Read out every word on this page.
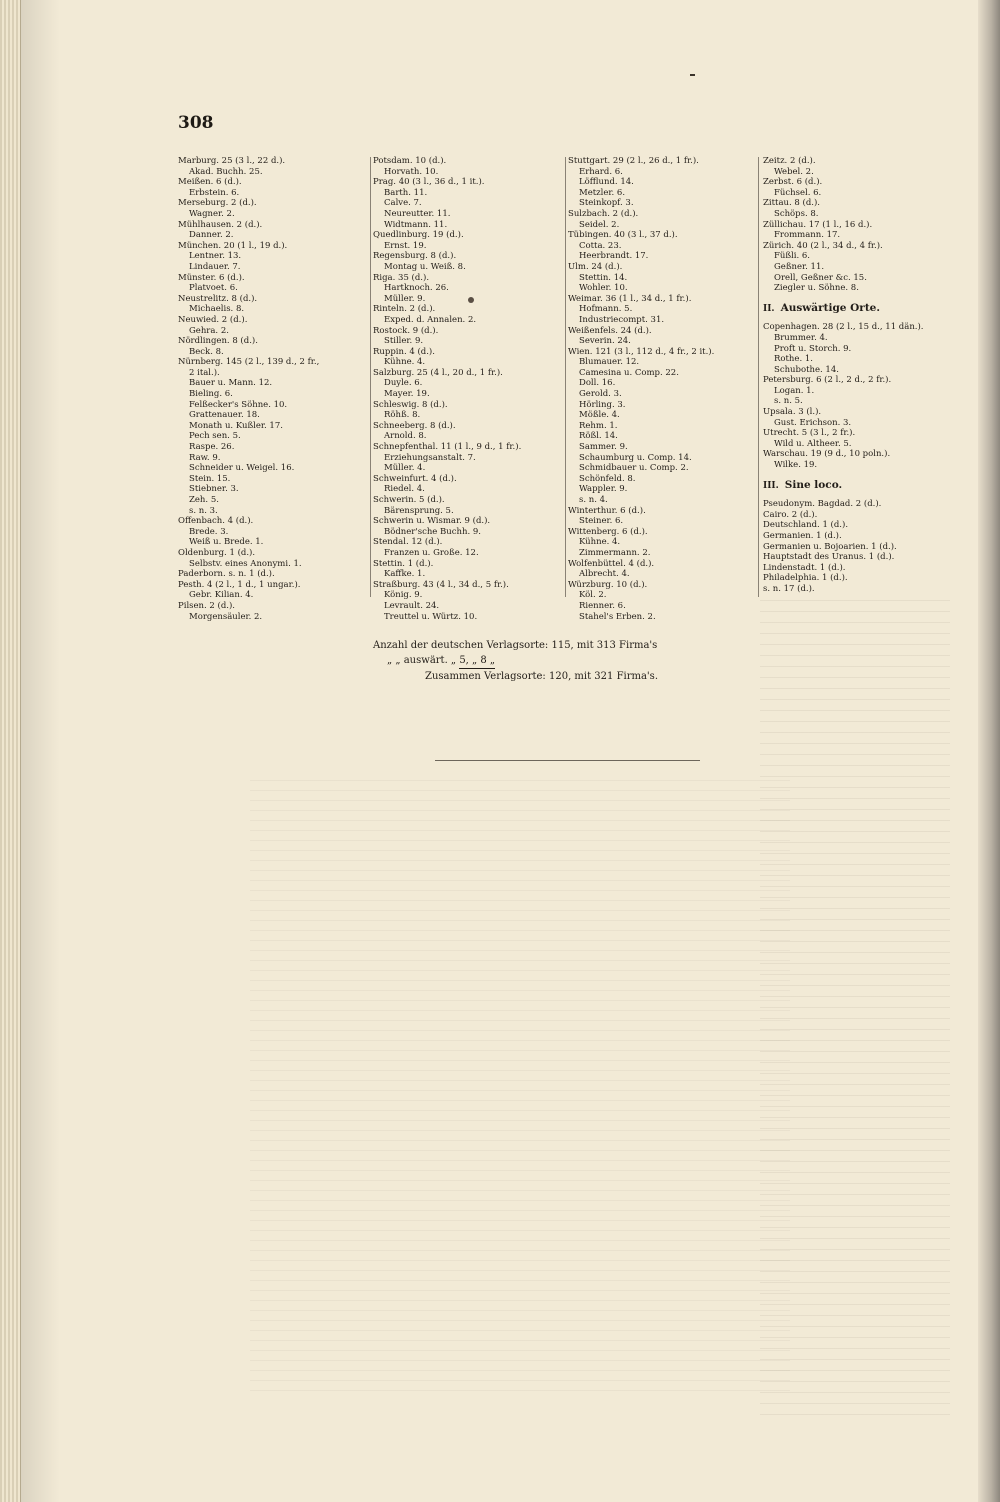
308
Marburg. 25 (3 l., 22 d.).
Akad. Buchh. 25.
Meißen. 6 (d.).
Erbstein. 6.
Merseburg. 2 (d.).
Wagner. 2.
Mühlhausen. 2 (d.).
Danner. 2.
München. 20 (1 l., 19 d.).
Lentner. 13.
Lindauer. 7.
Münster. 6 (d.).
Platvoet. 6.
Neustrelitz. 8 (d.).
Michaelis. 8.
Neuwied. 2 (d.).
Gehra. 2.
Nördlingen. 8 (d.).
Beck. 8.
Nürnberg. 145 (2 l., 139 d., 2 fr.,
2 ital.).
Bauer u. Mann. 12.
Bieling. 6.
Felßecker's Söhne. 10.
Grattenauer. 18.
Monath u. Kußler. 17.
Pech sen. 5.
Raspe. 26.
Raw. 9.
Schneider u. Weigel. 16.
Stein. 15.
Stiebner. 3.
Zeh. 5.
s. n. 3.
Offenbach. 4 (d.).
Brede. 3.
Weiß u. Brede. 1.
Oldenburg. 1 (d.).
Selbstv. eines Anonymi. 1.
Paderborn. s. n. 1 (d.).
Pesth. 4 (2 l., 1 d., 1 ungar.).
Gebr. Kilian. 4.
Pilsen. 2 (d.).
Morgensäuler. 2.
Potsdam. 10 (d.).
Horvath. 10.
Prag. 40 (3 l., 36 d., 1 it.).
Barth. 11.
Calve. 7.
Neureutter. 11.
Widtmann. 11.
Quedlinburg. 19 (d.).
Ernst. 19.
Regensburg. 8 (d.).
Montag u. Weiß. 8.
Riga. 35 (d.).
Hartknoch. 26.
Müller. 9.
Rinteln. 2 (d.).
Exped. d. Annalen. 2.
Rostock. 9 (d.).
Stiller. 9.
Ruppin. 4 (d.).
Kühne. 4.
Salzburg. 25 (4 l., 20 d., 1 fr.).
Duyle. 6.
Mayer. 19.
Schleswig. 8 (d.).
Röhß. 8.
Schneeberg. 8 (d.).
Arnold. 8.
Schnepfenthal. 11 (1 l., 9 d., 1 fr.).
Erziehungsanstalt. 7.
Müller. 4.
Schweinfurt. 4 (d.).
Riedel. 4.
Schwerin. 5 (d.).
Bärensprung. 5.
Schwerin u. Wismar. 9 (d.).
Bödner'sche Buchh. 9.
Stendal. 12 (d.).
Franzen u. Große. 12.
Stettin. 1 (d.).
Kaffke. 1.
Straßburg. 43 (4 l., 34 d., 5 fr.).
König. 9.
Levrault. 24.
Treuttel u. Würtz. 10.
Stuttgart. 29 (2 l., 26 d., 1 fr.).
Erhard. 6.
Löfflund. 14.
Metzler. 6.
Steinkopf. 3.
Sulzbach. 2 (d.).
Seidel. 2.
Tübingen. 40 (3 l., 37 d.).
Cotta. 23.
Heerbrandt. 17.
Ulm. 24 (d.).
Stettin. 14.
Wohler. 10.
Weimar. 36 (1 l., 34 d., 1 fr.).
Hofmann. 5.
Industriecompt. 31.
Weißenfels. 24 (d.).
Severin. 24.
Wien. 121 (3 l., 112 d., 4 fr., 2 it.).
Blumauer. 12.
Camesina u. Comp. 22.
Doll. 16.
Gerold. 3.
Hörling. 3.
Mößle. 4.
Rehm. 1.
Rößl. 14.
Sammer. 9.
Schaumburg u. Comp. 14.
Schmidbauer u. Comp. 2.
Schönfeld. 8.
Wappler. 9.
s. n. 4.
Winterthur. 6 (d.).
Steiner. 6.
Wittenberg. 6 (d.).
Kühne. 4.
Zimmermann. 2.
Wolfenbüttel. 4 (d.).
Albrecht. 4.
Würzburg. 10 (d.).
Köl. 2.
Rienner. 6.
Stahel's Erben. 2.
Zeitz. 2 (d.).
Webel. 2.
Zerbst. 6 (d.).
Füchsel. 6.
Zittau. 8 (d.).
Schöps. 8.
Züllichau. 17 (1 l., 16 d.).
Frommann. 17.
Zürich. 40 (2 l., 34 d., 4 fr.).
Füßli. 6.
Geßner. 11.
Orell, Geßner &c. 15.
Ziegler u. Söhne. 8.
II. Auswärtige Orte.
Copenhagen. 28 (2 l., 15 d., 11 dän.).
Brummer. 4.
Proft u. Storch. 9.
Rothe. 1.
Schubothe. 14.
Petersburg. 6 (2 l., 2 d., 2 fr.).
Logan. 1.
s. n. 5.
Upsala. 3 (l.).
Gust. Erichson. 3.
Utrecht. 5 (3 l., 2 fr.).
Wild u. Altheer. 5.
Warschau. 19 (9 d., 10 poln.).
Wilke. 19.
III. Sine loco.
Pseudonym. Bagdad. 2 (d.).
Cairo. 2 (d.).
Deutschland. 1 (d.).
Germanien. 1 (d.).
Germanien u. Bojoarien. 1 (d.).
Hauptstadt des Uranus. 1 (d.).
Lindenstadt. 1 (d.).
Philadelphia. 1 (d.).
s. n. 17 (d.).
Anzahl der deutschen Verlagsorte: 115, mit 313 Firma's
„ „ auswärt. „ 5, „ 8 „
Zusammen Verlagsorte: 120, mit 321 Firma's.
